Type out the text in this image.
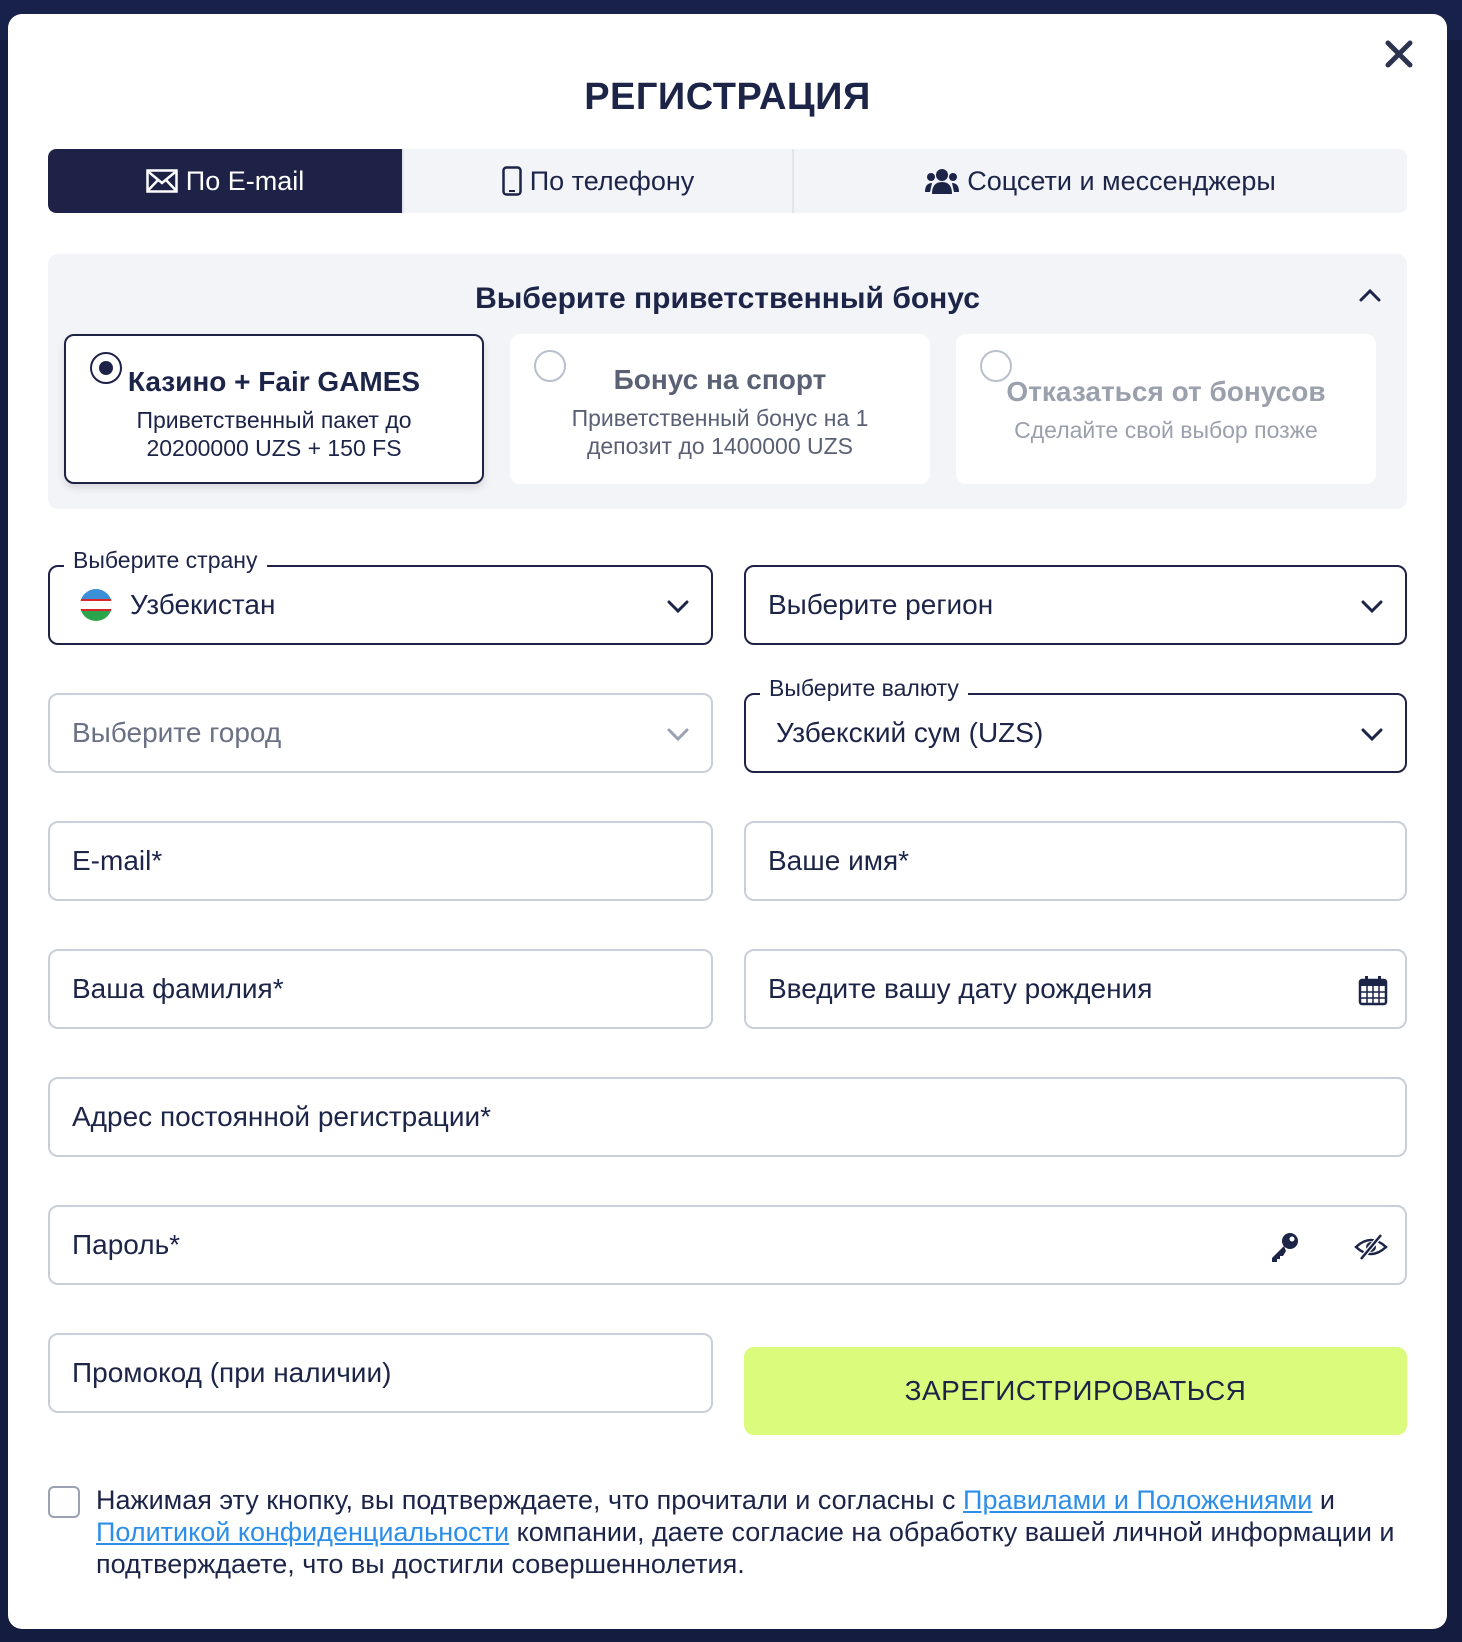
РЕГИСТРАЦИЯ
По E-mail	По телефону	Соцсети и мессенджеры
Выберите приветственный бонус
Казино + Fair GAMES
Приветственный пакет до 20200000 UZS + 150 FS
Бонус на спорт
Приветственный бонус на 1 депозит до 1400000 UZS
Отказаться от бонусов
Сделайте свой выбор позже
Выберите страну
Узбекистан	Выберите регион
Выберите город
Выберите валюту
Узбекский сум (UZS)
E-mail*	Ваше имя*
Ваша фамилия*	Введите вашу дату рождения
Адрес постоянной регистрации*
Пароль*
Промокод (при наличии)
ЗАРЕГИСТРИРОВАТЬСЯ
Нажимая эту кнопку, вы подтверждаете, что прочитали и согласны с Правилами и Положениями и Политикой конфиденциальности компании, даете согласие на обработку вашей личной информации и подтверждаете, что вы достигли совершеннолетия.
